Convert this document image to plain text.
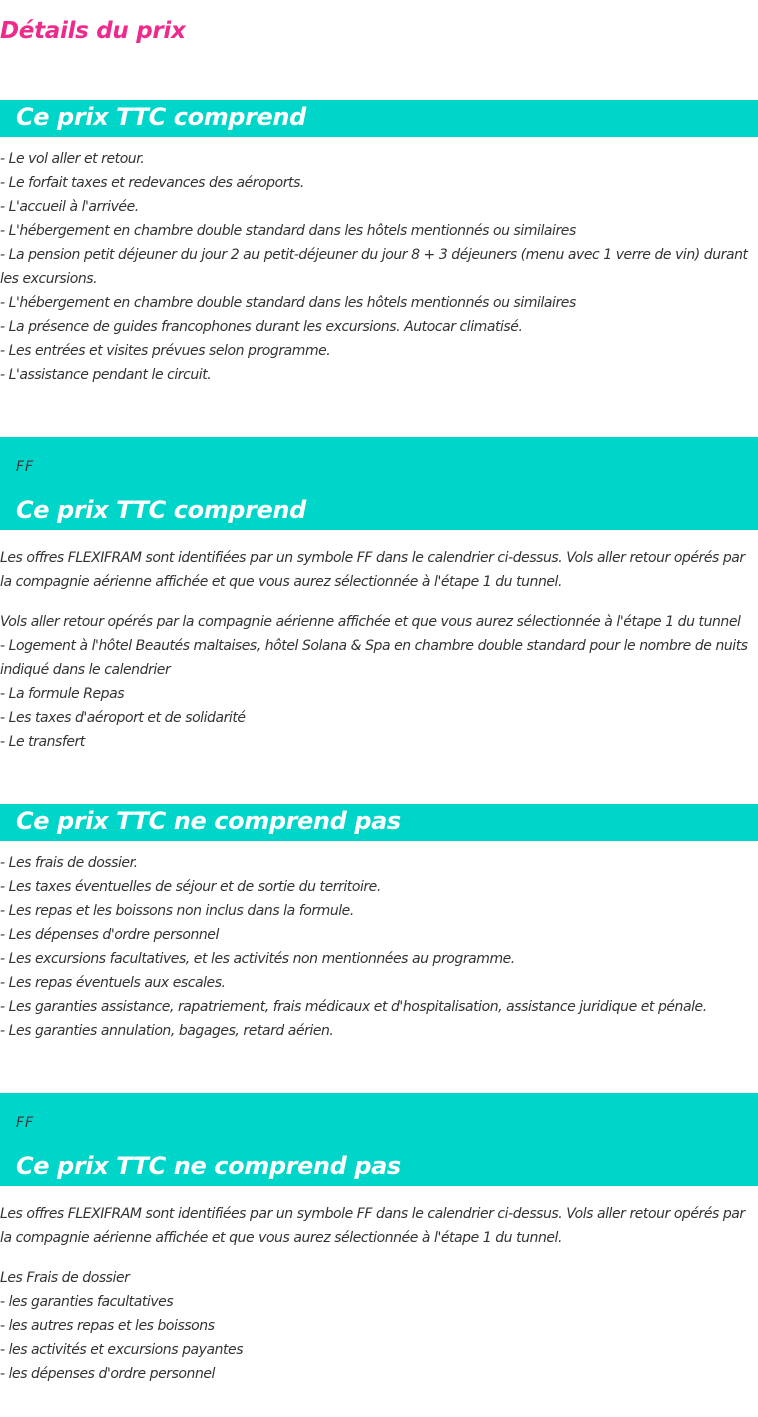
Détails du prix
Ce prix TTC comprend
- Le vol aller et retour.
- Le forfait taxes et redevances des aéroports.
- L'accueil à l'arrivée.
- L'hébergement en chambre double standard dans les hôtels mentionnés ou similaires
- La pension petit déjeuner du jour 2 au petit-déjeuner du jour 8 + 3 déjeuners (menu avec 1 verre de vin) durant les excursions.
- L'hébergement en chambre double standard dans les hôtels mentionnés ou similaires
- La présence de guides francophones durant les excursions. Autocar climatisé.
- Les entrées et visites prévues selon programme.
- L'assistance pendant le circuit.
FF
Ce prix TTC comprend

Les offres FLEXIFRAM sont identifiées par un symbole FF dans le calendrier ci-dessus. Vols aller retour opérés par la compagnie aérienne affichée et que vous aurez sélectionnée à l'étape 1 du tunnel.

Vols aller retour opérés par la compagnie aérienne affichée et que vous aurez sélectionnée à l'étape 1 du tunnel
- Logement à l'hôtel Beautés maltaises, hôtel Solana & Spa en chambre double standard pour le nombre de nuits indiqué dans le calendrier
- La formule Repas
- Les taxes d'aéroport et de solidarité
- Le transfert
Ce prix TTC ne comprend pas
- Les frais de dossier.
- Les taxes éventuelles de séjour et de sortie du territoire.
- Les repas et les boissons non inclus dans la formule.
- Les dépenses d'ordre personnel
- Les excursions facultatives, et les activités non mentionnées au programme.
- Les repas éventuels aux escales.
- Les garanties assistance, rapatriement, frais médicaux et d'hospitalisation, assistance juridique et pénale.
- Les garanties annulation, bagages, retard aérien.
FF
Ce prix TTC ne comprend pas

Les offres FLEXIFRAM sont identifiées par un symbole FF dans le calendrier ci-dessus. Vols aller retour opérés par la compagnie aérienne affichée et que vous aurez sélectionnée à l'étape 1 du tunnel.

Les Frais de dossier
- les garanties facultatives
- les autres repas et les boissons
- les activités et excursions payantes
- les dépenses d'ordre personnel
